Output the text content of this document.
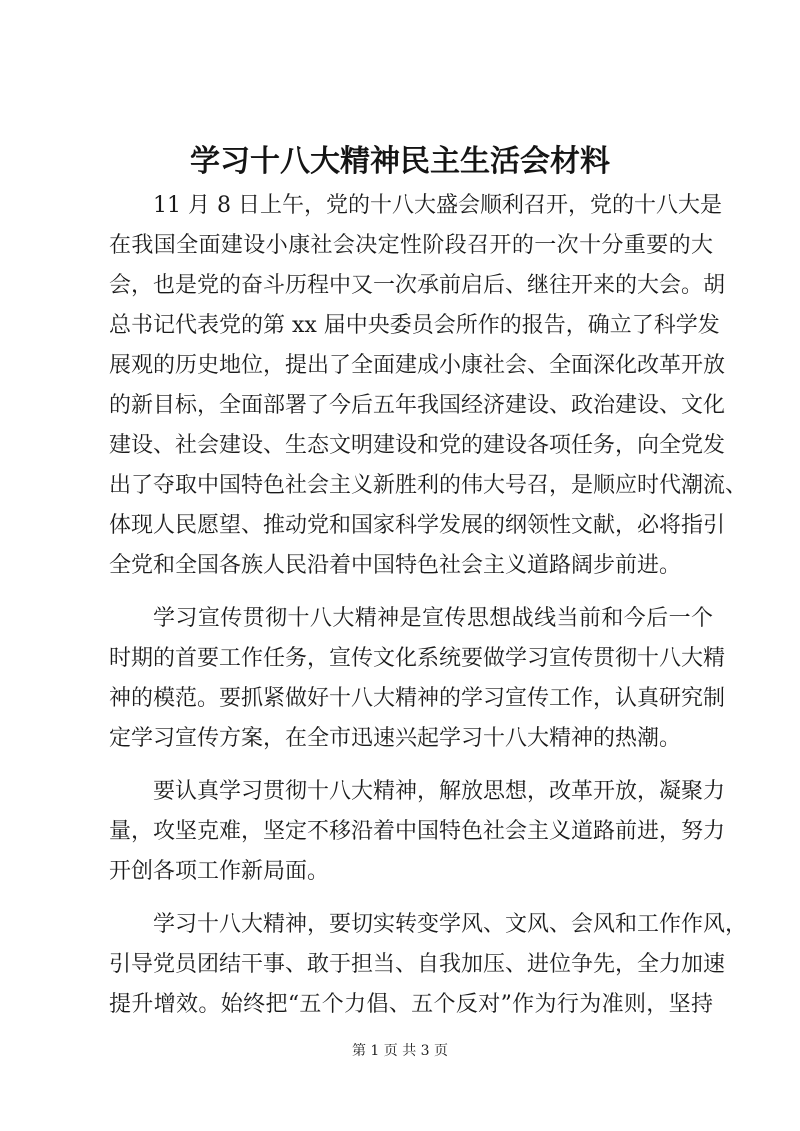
学习十八大精神民主生活会材料
11 月 8 日上午，党的十八大盛会顺利召开，党的十八大是
在我国全面建设小康社会决定性阶段召开的一次十分重要的大
会，也是党的奋斗历程中又一次承前启后、继往开来的大会。胡
总书记代表党的第 xx 届中央委员会所作的报告，确立了科学发
展观的历史地位，提出了全面建成小康社会、全面深化改革开放
的新目标，全面部署了今后五年我国经济建设、政治建设、文化
建设、社会建设、生态文明建设和党的建设各项任务，向全党发
出了夺取中国特色社会主义新胜利的伟大号召，是顺应时代潮流、
体现人民愿望、推动党和国家科学发展的纲领性文献，必将指引
全党和全国各族人民沿着中国特色社会主义道路阔步前进。
学习宣传贯彻十八大精神是宣传思想战线当前和今后一个
时期的首要工作任务，宣传文化系统要做学习宣传贯彻十八大精
神的模范。要抓紧做好十八大精神的学习宣传工作，认真研究制
定学习宣传方案，在全市迅速兴起学习十八大精神的热潮。
要认真学习贯彻十八大精神，解放思想，改革开放，凝聚力
量，攻坚克难，坚定不移沿着中国特色社会主义道路前进，努力
开创各项工作新局面。
学习十八大精神，要切实转变学风、文风、会风和工作作风，
引导党员团结干事、敢于担当、自我加压、进位争先，全力加速
提升增效。始终把“五个力倡、五个反对”作为行为准则，坚持
第 1 页 共 3 页
